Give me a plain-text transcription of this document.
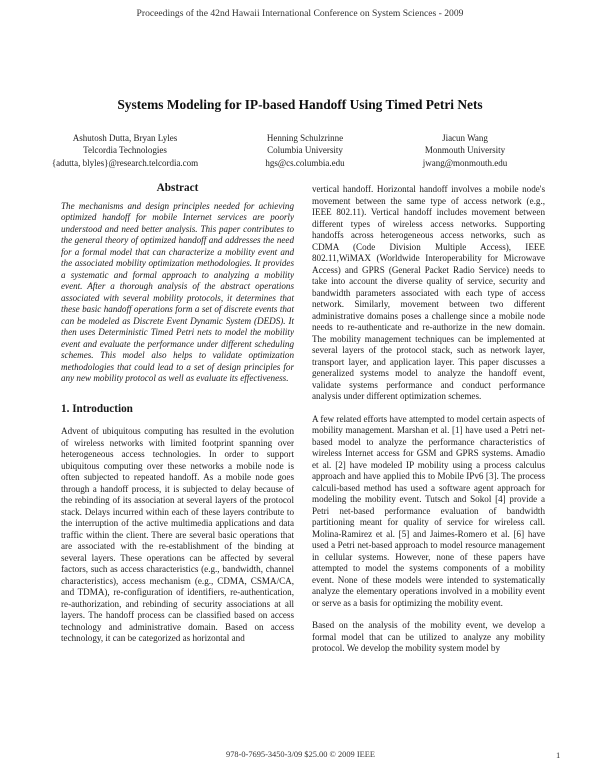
Proceedings of the 42nd Hawaii International Conference on System Sciences - 2009
Systems Modeling for IP-based Handoff Using Timed Petri Nets
Ashutosh Dutta, Bryan Lyles
Telcordia Technologies
{adutta, blyles}@research.telcordia.com
Henning Schulzrinne
Columbia University
hgs@cs.columbia.edu
Jiacun Wang
Monmouth University
jwang@monmouth.edu
Abstract

The mechanisms and design principles needed for achieving optimized handoff for mobile Internet services are poorly understood and need better analysis. This paper contributes to the general theory of optimized handoff and addresses the need for a formal model that can characterize a mobility event and the associated mobility optimization methodologies. It provides a systematic and formal approach to analyzing a mobility event. After a thorough analysis of the abstract operations associated with several mobility protocols, it determines that these basic handoff operations form a set of discrete events that can be modeled as Discrete Event Dynamic System (DEDS). It then uses Deterministic Timed Petri nets to model the mobility event and evaluate the performance under different scheduling schemes. This model also helps to validate optimization methodologies that could lead to a set of design principles for any new mobility protocol as well as evaluate its effectiveness.

1. Introduction

Advent of ubiquitous computing has resulted in the evolution of wireless networks with limited footprint spanning over heterogeneous access technologies. In order to support ubiquitous computing over these networks a mobile node is often subjected to repeated handoff. As a mobile node goes through a handoff process, it is subjected to delay because of the rebinding of its association at several layers of the protocol stack. Delays incurred within each of these layers contribute to the interruption of the active multimedia applications and data traffic within the client. There are several basic operations that are associated with the re-establishment of the binding at several layers. These operations can be affected by several factors, such as access characteristics (e.g., bandwidth, channel characteristics), access mechanism (e.g., CDMA, CSMA/CA, and TDMA), re-configuration of identifiers, re-authentication, re-authorization, and rebinding of security associations at all layers. The handoff process can be classified based on access technology and administrative domain. Based on access technology, it can be categorized as horizontal and

vertical handoff. Horizontal handoff involves a mobile node's movement between the same type of access network (e.g., IEEE 802.11). Vertical handoff includes movement between different types of wireless access networks. Supporting handoffs across heterogeneous access networks, such as CDMA (Code Division Multiple Access), IEEE 802.11,WiMAX (Worldwide Interoperability for Microwave Access) and GPRS (General Packet Radio Service) needs to take into account the diverse quality of service, security and bandwidth parameters associated with each type of access network. Similarly, movement between two different administrative domains poses a challenge since a mobile node needs to re-authenticate and re-authorize in the new domain. The mobility management techniques can be implemented at several layers of the protocol stack, such as network layer, transport layer, and application layer. This paper discusses a generalized systems model to analyze the handoff event, validate systems performance and conduct performance analysis under different optimization schemes.

A few related efforts have attempted to model certain aspects of mobility management. Marshan et al. [1] have used a Petri net-based model to analyze the performance characteristics of wireless Internet access for GSM and GPRS systems. Amadio et al. [2] have modeled IP mobility using a process calculus approach and have applied this to Mobile IPv6 [3]. The process calculi-based method has used a software agent approach for modeling the mobility event. Tutsch and Sokol [4] provide a Petri net-based performance evaluation of bandwidth partitioning meant for quality of service for wireless call. Molina-Ramirez et al. [5] and Jaimes-Romero et al. [6] have used a Petri net-based approach to model resource management in cellular systems. However, none of these papers have attempted to model the systems components of a mobility event. None of these models were intended to systematically analyze the elementary operations involved in a mobility event or serve as a basis for optimizing the mobility event.

Based on the analysis of the mobility event, we develop a formal model that can be utilized to analyze any mobility protocol. We develop the mobility system model by

978-0-7695-3450-3/09 $25.00 © 2009 IEEE	1
